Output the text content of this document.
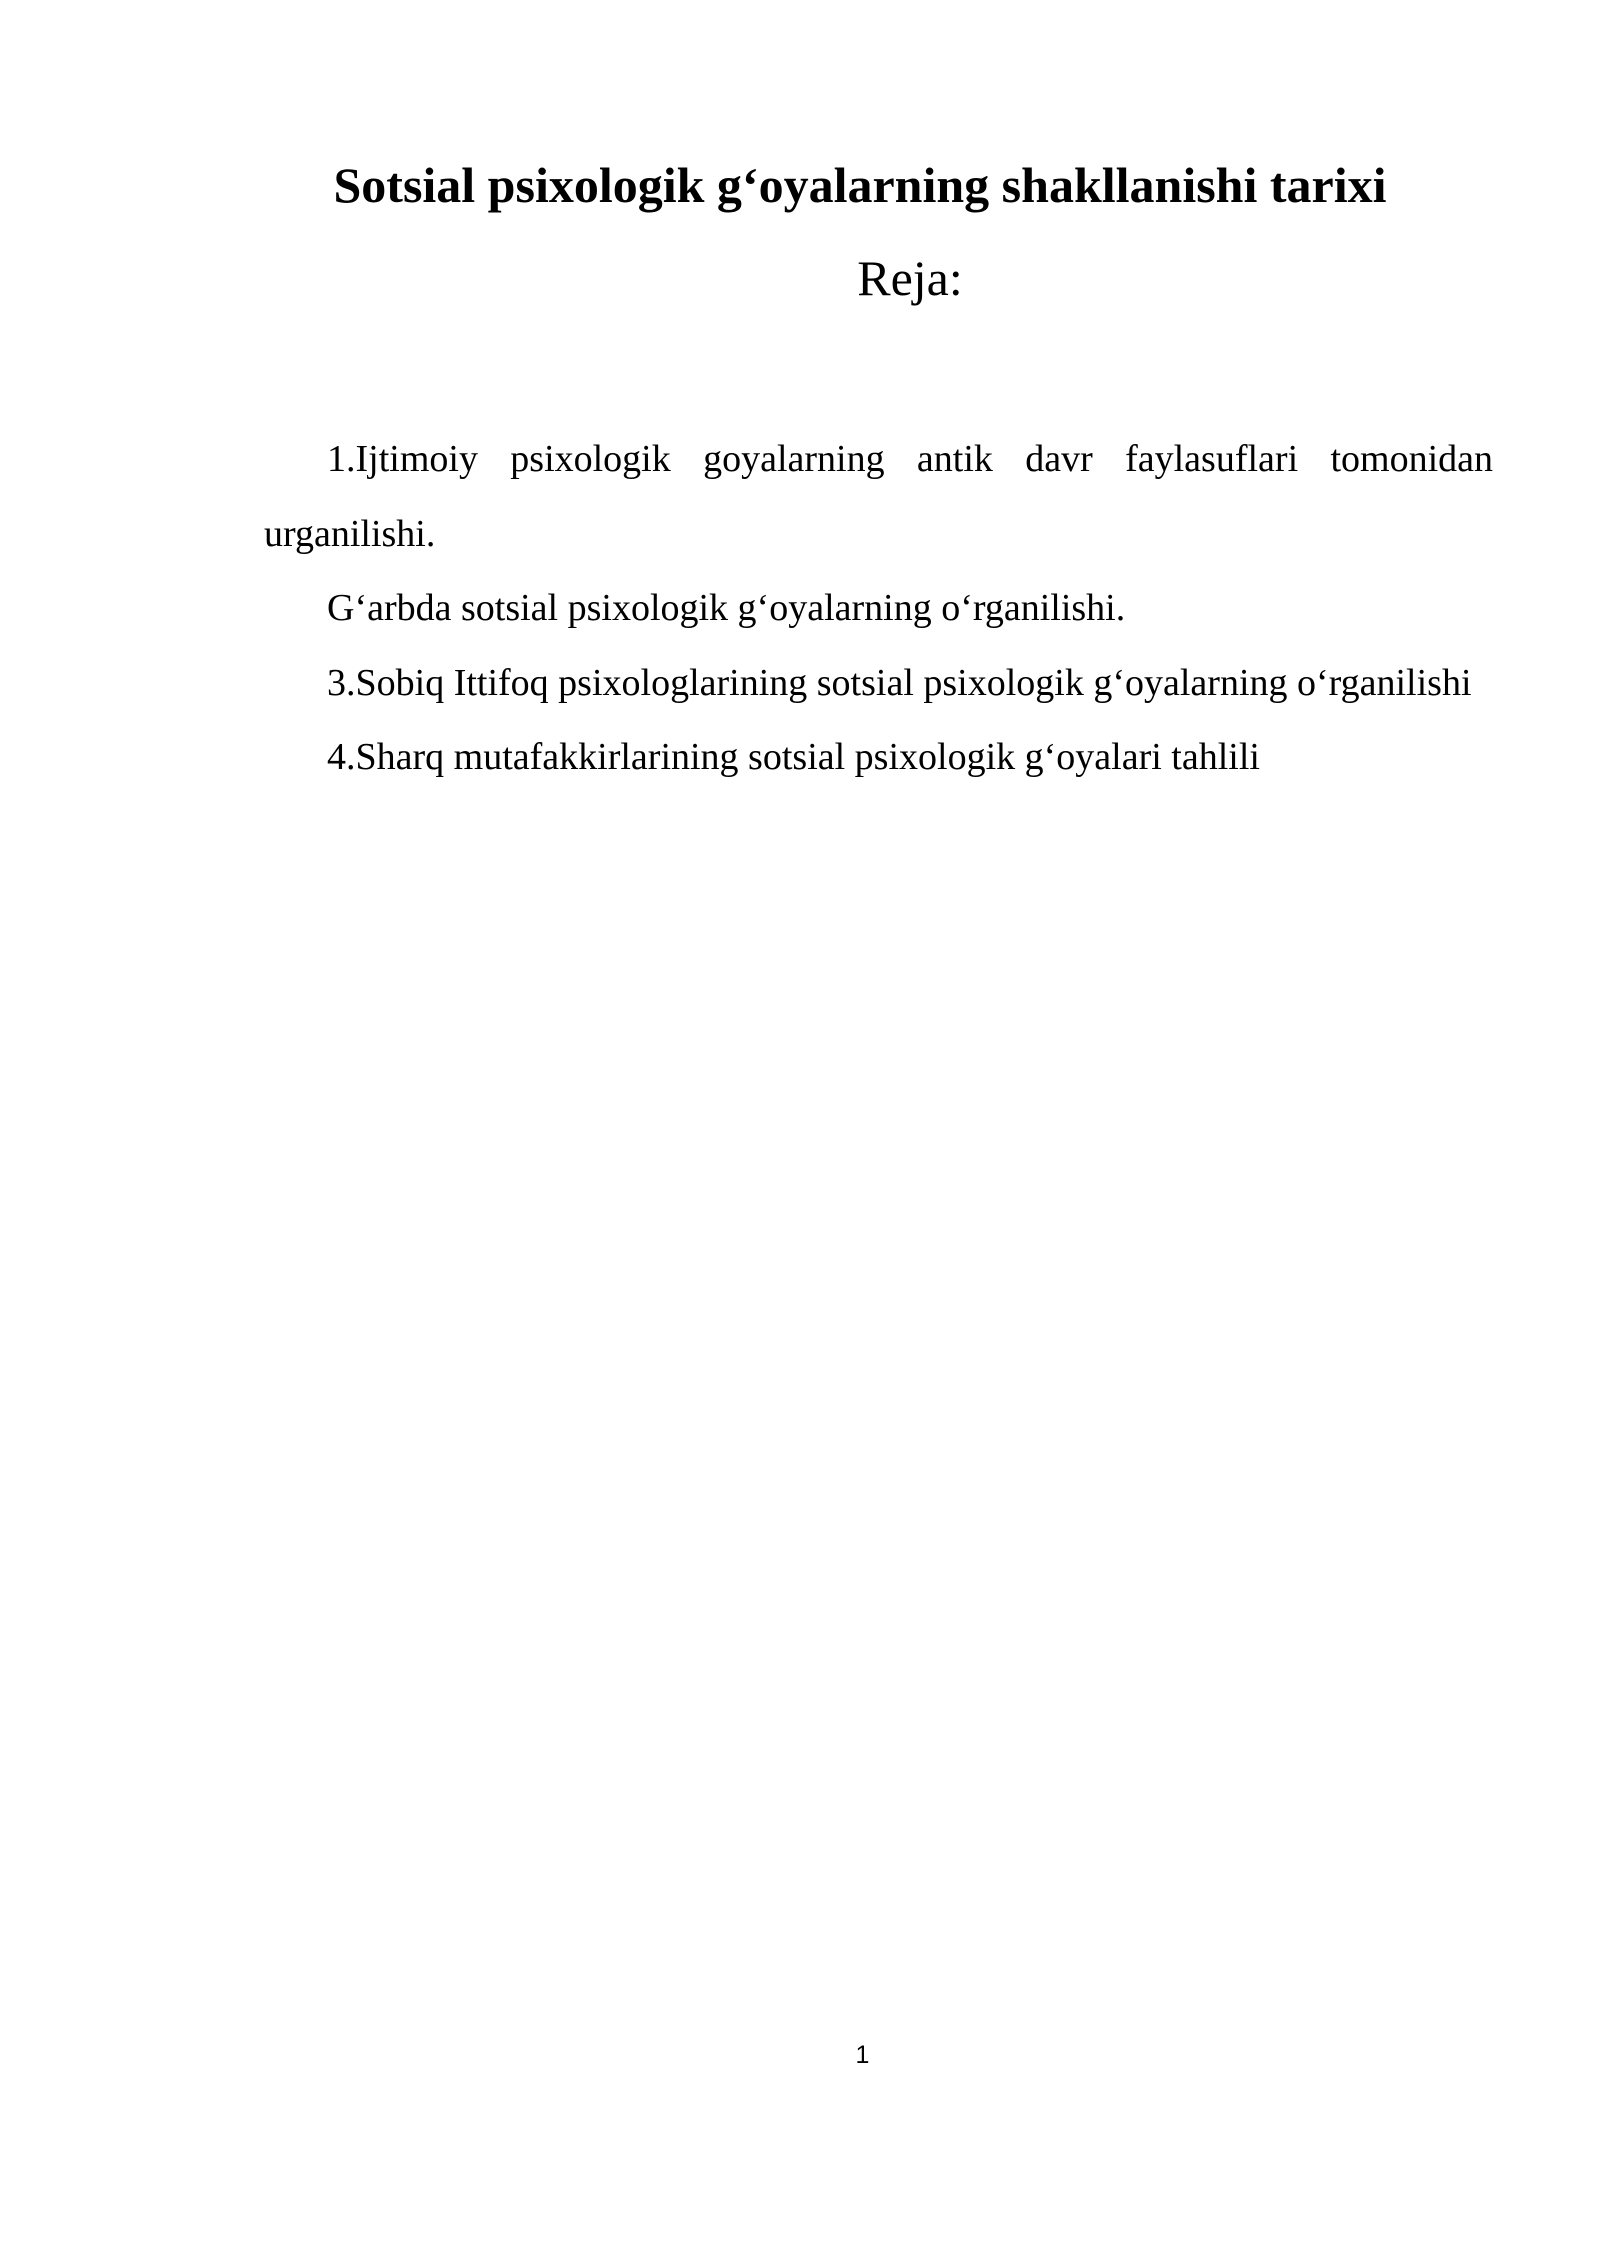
Sotsial psixologik g‘oyalarning shakllanishi tarixi
Reja:

1.Ijtimoiy psixologik goyalarning antik davr faylasuflari tomonidan urganilishi.

G‘arbda sotsial psixologik g‘oyalarning o‘rganilishi.

3.Sobiq Ittifoq psixologlarining sotsial psixologik g‘oyalarning o‘rganilishi

4.Sharq mutafakkirlarining sotsial psixologik g‘oyalari tahlili

1
